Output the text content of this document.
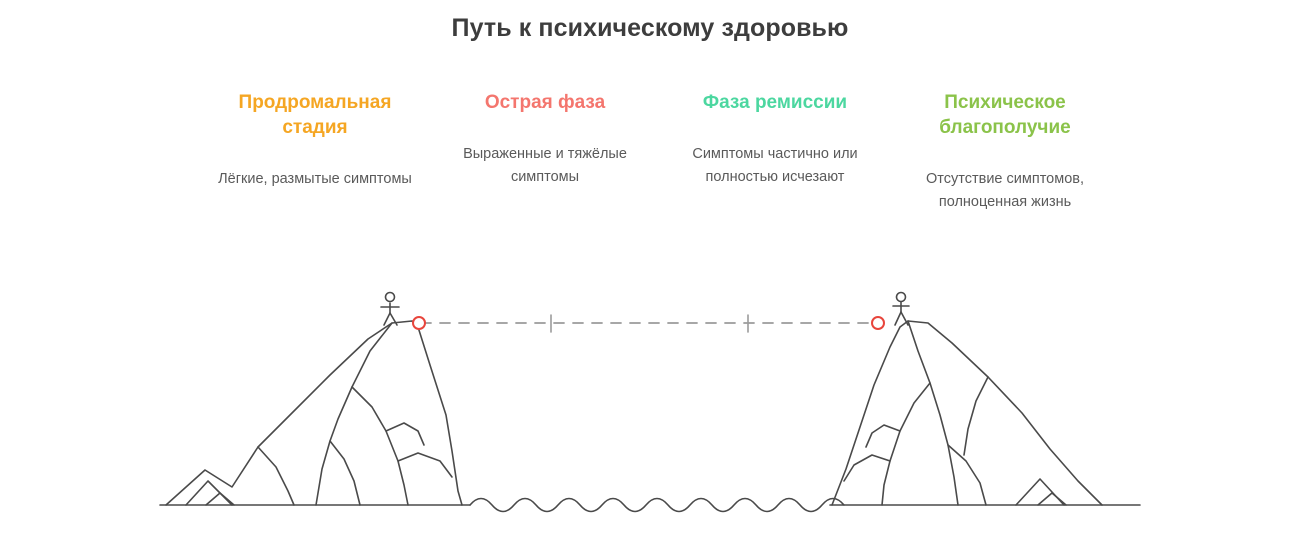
Путь к психическому здоровью
Продромальная стадия
Лёгкие, размытые симптомы
Острая фаза
Выраженные и тяжёлые симптомы
Фаза ремиссии
Симптомы частично или полностью исчезают
Психическое благополучие
Отсутствие симптомов, полноценная жизнь
